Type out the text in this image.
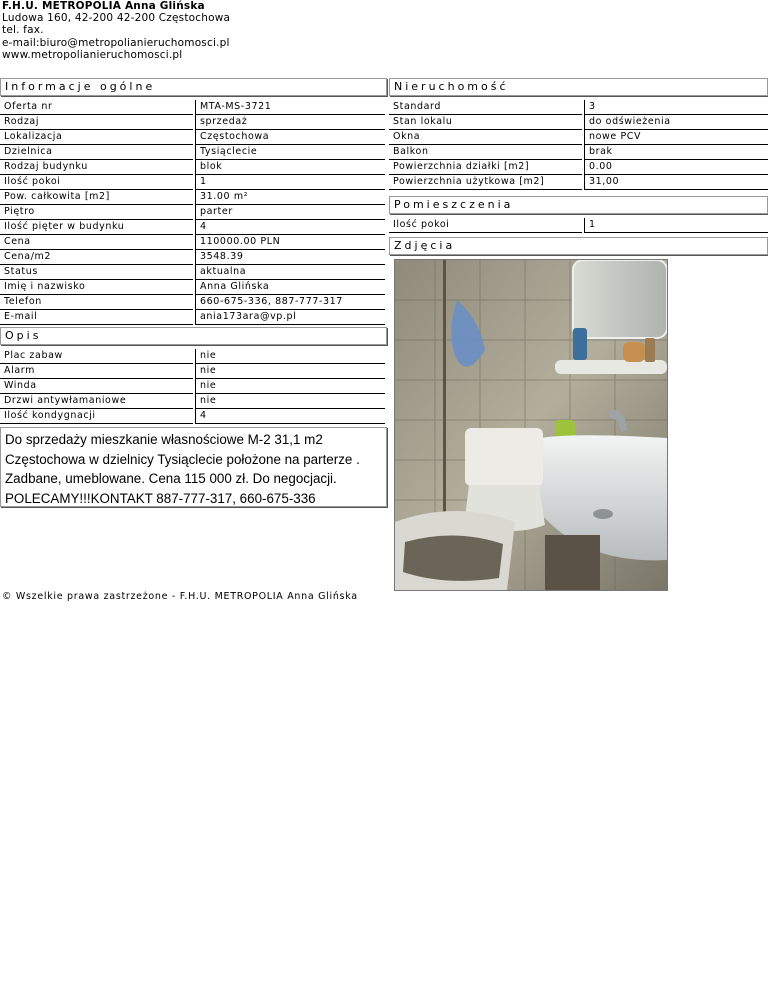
F.H.U. METROPOLIA Anna Glińska
Ludowa 160, 42-200 42-200 Częstochowa
tel. fax.
e-mail:biuro@metropolianieruchomosci.pl
www.metropolianieruchomosci.pl
Informacje ogólne
Oferta nr	MTA-MS-3721
Rodzaj	sprzedaż
Lokalizacja	Częstochowa
Dzielnica	Tysiąclecie
Rodzaj budynku	blok
Ilość pokoi	1
Pow. całkowita [m2]	31.00 m²
Piętro	parter
Ilość pięter w budynku	4
Cena	110000.00 PLN
Cena/m2	3548.39
Status	aktualna
Imię i nazwisko	Anna Glińska
Telefon	660-675-336, 887-777-317
E-mail	ania173ara@vp.pl
Opis
Plac zabaw	nie
Alarm	nie
Winda	nie
Drzwi antywłamaniowe	nie
Ilość kondygnacji	4
Do sprzedaży mieszkanie własnościowe M-2 31,1 m2 Częstochowa w dzielnicy Tysiąclecie położone na parterze . Zadbane, umeblowane. Cena 115 000 zł. Do negocjacji. POLECAMY!!!KONTAKT 887-777-317, 660-675-336
Nieruchomość
Standard	3
Stan lokalu	do odświeżenia
Okna	nowe PCV
Balkon	brak
Powierzchnia działki [m2]	0.00
Powierzchnia użytkowa [m2]	31,00
Pomieszczenia
Ilość pokoi	1
Zdjęcia
© Wszelkie prawa zastrzeżone - F.H.U. METROPOLIA Anna Glińska
